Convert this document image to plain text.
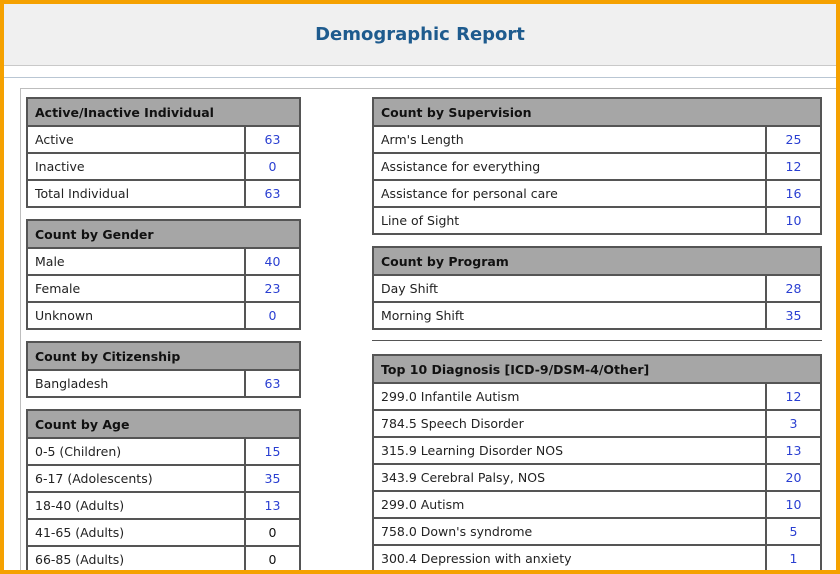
Demographic Report
Active/Inactive Individual	
Active	63
Inactive	0
Total Individual	63
Count by Gender	
Male	40
Female	23
Unknown	0
Count by Citizenship
Bangladesh	63
Count by Age	
0-5 (Children)	15
6-17 (Adolescents)	35
18-40 (Adults)	13
41-65 (Adults)	0
66-85 (Adults)	0
Count by Supervision	
Arm's Length	25
Assistance for everything	12
Assistance for personal care	16
Line of Sight	10
Count by Program	
Day Shift	28
Morning Shift	35
Top 10 Diagnosis [ICD-9/DSM-4/Other]	
299.0 Infantile Autism	12
784.5 Speech Disorder	3
315.9 Learning Disorder NOS	13
343.9 Cerebral Palsy, NOS	20
299.0 Autism	10
758.0 Down's syndrome	5
300.4 Depression with anxiety	1
